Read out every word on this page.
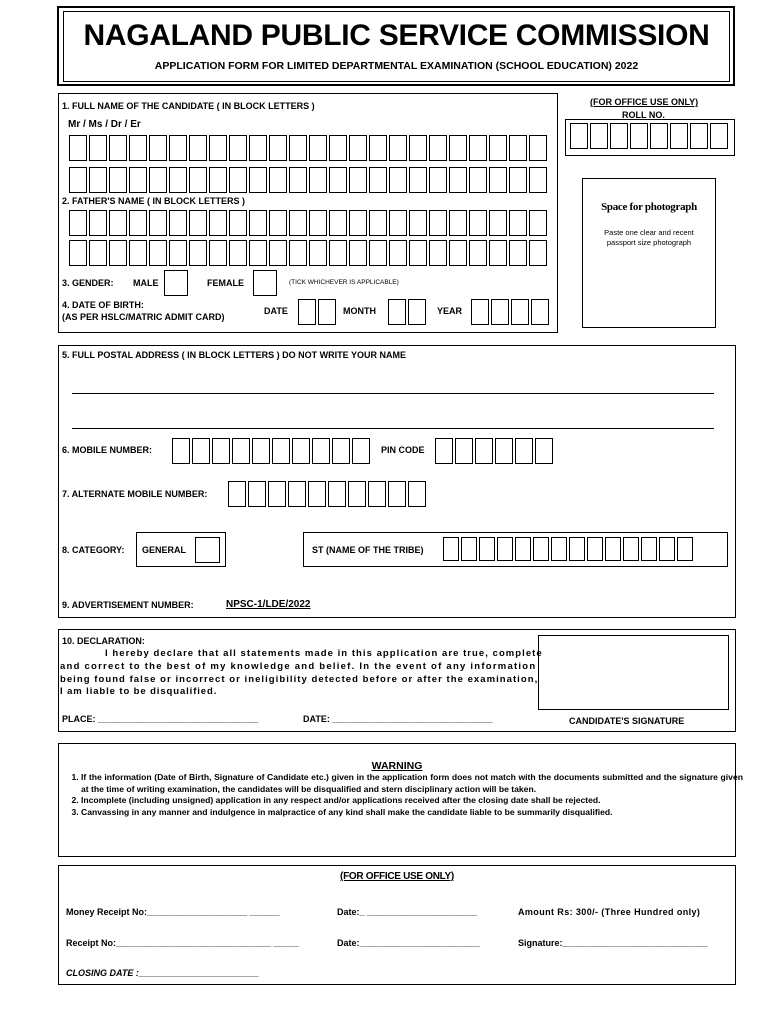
NAGALAND PUBLIC SERVICE COMMISSION
APPLICATION FORM FOR LIMITED DEPARTMENTAL EXAMINATION (SCHOOL EDUCATION) 2022
1. FULL NAME OF THE CANDIDATE ( IN BLOCK LETTERS )
Mr / Ms / Dr / Er
2. FATHER'S NAME ( IN BLOCK LETTERS )
3. GENDER: MALE	FEMALE	(TICK WHICHEVER IS APPLICABLE)
4. DATE OF BIRTH:
(AS PER HSLC/MATRIC ADMIT CARD)
DATE	MONTH	YEAR
(FOR OFFICE USE ONLY)
ROLL NO.
Space for photograph
Paste one clear and recent
passport size photograph
5. FULL POSTAL ADDRESS ( IN BLOCK LETTERS ) DO NOT WRITE YOUR NAME
6. MOBILE NUMBER:	PIN CODE
7. ALTERNATE MOBILE NUMBER:
8. CATEGORY: GENERAL	ST (NAME OF THE TRIBE)
9. ADVERTISEMENT NUMBER:	NPSC-1/LDE/2022
10. DECLARATION:
I hereby declare that all statements made in this application are true, complete
and correct to the best of my knowledge and belief. In the event of any information
being found false or incorrect or ineligibility detected before or after the examination,
I am liable to be disqualified.
PLACE: ________________________________	DATE: ________________________________	CANDIDATE'S SIGNATURE
WARNING
1. If the information (Date of Birth, Signature of Candidate etc.) given in the application form does not match with the documents submitted and the signature given at the time of writing examination, the candidates will be disqualified and stern disciplinary action will be taken.
2. Incomplete (including unsigned) application in any respect and/or applications received after the closing date shall be rejected.
3. Canvassing in any manner and indulgence in malpractice of any kind shall make the candidate liable to be summarily disqualified.
(FOR OFFICE USE ONLY)
Money Receipt No:____________________ ______	Date:_ ______________________	Amount Rs: 300/- (Three Hundred only)
Receipt No:_______________________________ _____	Date:________________________	Signature:_____________________________
CLOSING DATE :________________________
